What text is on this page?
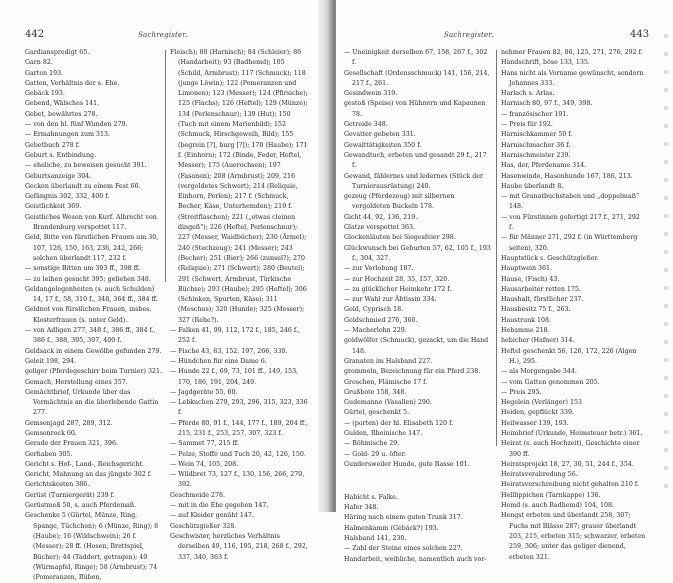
442	Sachregister.

Gardianspredigt 65.

Garn 82.

Garten 193.

Gatten, Verhältnis der s. Ehe.

Gebäck 193.

Gebend, Wälsches 141.

Gebet, bewährtes 278.

— von den hl. fünf Wunden 279.

— Ermahnungen zum 313.

Gebetbuch 278 f.

Geburt s. Entbindung.

— eheliche, zu beweisen gesucht 391.

Geburtsanzeige 304.

Gecken überlandt zu einem Fest 66.

Gefängnis 302, 332, 400 f.

Geistlichkeit 369.

Geistliches Wesen von Kurf. Albrecht von Brandenburg verspottet 117.

Geld, Bitte von fürstlichen Frauen um 30, 107, 126, 150, 163, 236, 242, 266; solchen überlandt 117, 232 f.

— sonstige Bitten um 393 ff., 398 ff.

— zu leihen gesucht 395; geliehen 348.

Geldangelegenheiten (s. auch Schulden) 14, 17 f., 58, 310 f., 348, 364 ff., 384 ff.

Geldnot von fürstlichen Frauen, insbes. Klosterfrauen (s. unter Geld).

— von Adligen 277, 348 f., 386 ff., 384 f., 386 f., 388, 395, 397, 400 f.

Geldsack in einem Gewölbe gefunden 279.

Geleit 198, 294.

geliger (Pferdegeschirr beim Turnier) 321.

Gemach, Herstellung eines 357.

Gemächtbrief, Urkunde über das Vermächtnis an die überlebende Gattin 277.

Gemsenjagd 287, 289, 312.

Gemsenrock 60.

Gerade der Frauen 321, 396.

Gerhaben 305.

Gericht s. Hof-, Land-, Reichsgericht.

Gericht, Mahnung an das jüngste 302 f.

Gerichtskosten 386.

Gerüst (Turniergerät) 239 f.

Gerüstmeß 50, s. auch Pferdemaß.

Geschenke 5 (Gürtel, Münze, Ring, Spange, Tüchchen); 6 (Münze, Ring); 8 (Haube); 16 (Wildschwein); 26 f. (Messer); 28 ff. (Hosen, Brettspiel, Bücher); 44 (Taddert, getragen); 49 (Würmapfel, Ringe); 58 (Armbrust); 74 (Pomeranzen, Rüben,

Fleisch); 80 (Harnisch); 84 (Schleier); 86 (Handarbeit); 93 (Badhemd); 105 (Schild, Armbrust); 117 (Schmuck); 118 (junge Löwin); 122 (Pomeranzen und Limonen); 123 (Messer); 124 (Pfirsiche); 125 (Flachs); 126 (Heftel); 129 (Münze); 134 (Perlenschnur); 139 (Hut); 150 (Tuch mit einem Marienbild); 152 (Schmuck, Hirschgeweih, Bild); 155 (begrein [?], burg [?]); 170 (Haube); 171 f. (Einhorn); 172 (Binde, Feder, Heftel, Messer); 175 (Auerochsen); 197 (Fasanen); 208 (Armbrust); 209, 216 (vergoldetes Schwert); 214 (Reliquie, Einhorn, Perlen); 217 f. (Schmuck, Becher, Käse, Unterhemden); 219 f. (Streitflaschen); 221 („etwas cleinen dingeß“); 226 (Heftel, Perlenschnur); 227 (Messer, Waidbücher); 230 (Ärmel); 240 (Stechzeug); 241 (Messer); 243 (Becher); 251 (Bier); 266 (zunsel?); 270 (Reliquie); 271 (Schwert); 280 (Beutel); 291 (Schwert, Armbrust, Türkische Büchse); 293 (Haube); 295 (Heftel); 306 (Schinken, Spurten, Käse); 311 (Moschus); 320 (Hunde); 325 (Messer); 327 (Rehe?).

— Falken 41, 99, 112, 172 f., 185, 246 f., 252 f.

— Fische 43, 83, 152, 197, 266, 330.

— Hündchen für eine Dame 6.

— Hunde 22 f., 69, 73, 101 ff., 149, 153, 170, 186, 191, 204, 249.

— Jagdgeräte 55, 60.

— Lebkuchen 279, 293, 296, 315, 323, 336 f.

— Pferde 80, 91 f., 144, 177 f., 189, 204 ff., 215, 231 f., 253, 257, 307, 323 f.

— Sammet 77, 215 ff.

— Pelze, Stoffe und Tuch 20, 42, 126, 150.

— Wein 74, 105, 208.

— Wildbret 73, 127 f., 130, 156, 266, 270, 392.

Geschmeide 278.

— mit in die Ehe gegeben 147.

— auf Kleider genäht 147.

Geschützgießer 328.

Geschwister, herzliches Verhältnis derselben 49, 116, 195, 218, 268 f., 292, 337, 340, 363 f.

Sachregister.	443

— Uneinigkeit derselben 67, 158, 267 f., 302 f.

Gesellschaft (Ordensschmuck) 141, 156, 214, 217 f., 261.

Gesindwein 319.

gestoß (Speise) von Hühnern und Kapaunen 78.

Getreide 348.

Gevatter gebeten 331.

Gewalttätigkeiten 350 f.

Gewandtuch, erbeten und gesandt 29 f., 217 f.

Gewand, fählernes und ledernes (Stück der Turnierausrüstung) 240.

gezeug (Pferdezeug) mit silbernen vergoldeten Buckeln 178.

Gicht 44, 92, 136, 219.

Glatze verspottet 363.

Glockenläuten bei Siegesfeier 298.

Glückwunsch bei Geburten 57, 62, 105 f., 193 f., 304, 327.

— zur Verlobung 187.

— zur Hochzeit 28, 35, 157, 320.

— zu glücklicher Heimkehr 172 f.

— zur Wahl zur Äbtissin 334.

Gold, Cyprisch 18.

Goldschmied 276, 360.

— Macherlohn 229.

goldwölfer (Schmuck), gezackt, um die Hand 148.

Granaten im Halsband 227.

grommeln, Bezeichnung für ein Pferd 238.

Groschen, Flämische 17 f.

Grußbote 158, 348.

Gudemanne (Vasallen) 290.

Gürtel, geschenkt 5.

— (porten) der hl. Elisabeth 120 f.

Gulden, Rheinische 147.

— Böhmische 29.

— Gold- 29 u. öfter.

Gundersweiler Hunde, gute Rasse 101.

Habicht s. Falke.

Hafer 348.

Häring nach einem guten Trunk 317.

Halmenkamm (Gebäck?) 193.

Halsband 141, 230.

— Zahl der Steine eines solchen 227.

Handarbeit, weibliche, namentlich auch vor-

nehmer Frauen 82, 86, 125, 271, 276, 292 f.

Handschrift, böse 133, 135.

Hans nicht als Vorname gewünscht, sondern Johannes 333.

Harlach s. Arlas.

Harnisch 80, 97 f., 349, 398.

— französischer 191.

— Preis für 192.

Harnischkammer 50 f.

Harnischmacher 36 f.

Harnischmeister 239.

Has, der, Pferdename 314.

Hasenwinde, Hasenhunde 167, 186, 213.

Haube überlandt 8.

— mit Granatbuchstaben und „doppelmaß“ 148.

— von Fürstinnen gefertigt 217 f., 271, 292 f.

— für Männer 271, 292 f. (in Württemberg selten), 320.

Hauptstück s. Geschützgießer.

Hauptwein 361.

Hause, (Fisch) 43.

Hausarbeiter retten 175.

Haushalt, fürstlicher 237.

Hausbesitz 75 f., 263.

Haustrunk 108.

Hebamme 218.

hebicher (Hafner) 314.

Heftel geschenkt 56, 126, 172, 226 (Algen H.), 295.

— als Morgengabe 344.

— vom Gatten genommen 205.

— Preis 295.

Hegelein (Verlänger) 153

Heiden, gepflückt 339.

Heilwasser 139, 193.

Heimbrief (Urkunde, Heimsteuer betr.) 361.

Heirat (s. auch Hochzeit), Geschichte einer 390 ff.

Heiratsprojekt 18, 27, 30, 51, 244 f., 354.

Heiratsverabredung 56.

Heiratsverschreibung nicht gehalten 210 f.

Helllippichen (Tarnkappe) 136.

Hemd (s. auch Badhemd) 104, 108.

Hengst erbeten und überlandt 258, 307; Fuchs mit Blässe 287; grauer überlandt 203, 215, erbeten 315; schwarzer, erbeten 259, 306; unter das geliger dienend, erbeten 321.
